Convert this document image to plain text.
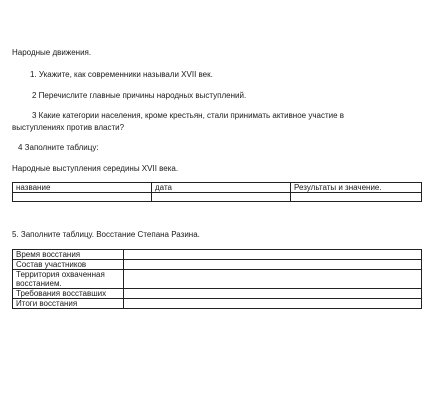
Народные движения.
1. Укажите, как современники называли XVII век.
2 Перечислите главные причины народных выступлений.
3 Какие категории населения, кроме крестьян, стали принимать активное участие в
выступлениях против власти?
4 Заполните таблицу:
Народные выступления середины XVII века.
название	дата	Результаты и значение.

5. Заполните таблицу. Восстание Степана Разина.
Время восстания	
Состав участников	
Территория охваченная восстанием.	
Требования восставших	
Итоги восстания	
